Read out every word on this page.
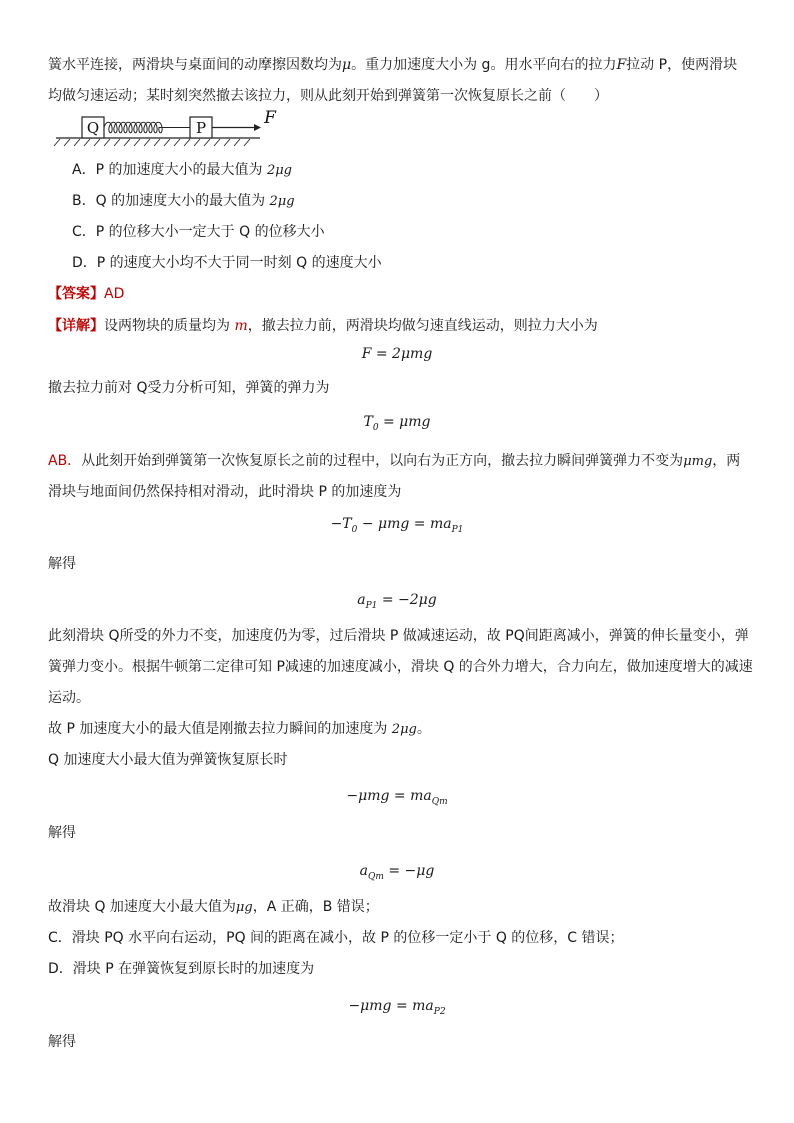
簧水平连接，两滑块与桌面间的动摩擦因数均为μ。重力加速度大小为 g。用水平向右的拉力F拉动 P，使两滑块
均做匀速运动；某时刻突然撤去该拉力，则从此刻开始到弹簧第一次恢复原长之前（　　）
Q	P	F
A．P 的加速度大小的最大值为 2μg
B．Q 的加速度大小的最大值为 2μg
C．P 的位移大小一定大于 Q 的位移大小
D．P 的速度大小均不大于同一时刻 Q 的速度大小
【答案】AD
【详解】设两物块的质量均为 m，撤去拉力前，两滑块均做匀速直线运动，则拉力大小为
F = 2μmg
撤去拉力前对 Q受力分析可知，弹簧的弹力为
$T_0 = \mu mg$
AB．从此刻开始到弹簧第一次恢复原长之前的过程中，以向右为正方向，撤去拉力瞬间弹簧弹力不变为μmg，两
滑块与地面间仍然保持相对滑动，此时滑块 P 的加速度为
$-T_0 - \mu mg = ma_{P1}$
解得
$a_{P1} = -2\mu g$
此刻滑块 Q所受的外力不变，加速度仍为零，过后滑块 P 做减速运动，故 PQ间距离减小，弹簧的伸长量变小，弹
簧弹力变小。根据牛顿第二定律可知 P减速的加速度减小，滑块 Q 的合外力增大，合力向左，做加速度增大的减速
运动。
故 P 加速度大小的最大值是刚撤去拉力瞬间的加速度为 2μg。
Q 加速度大小最大值为弹簧恢复原长时
$-\mu mg = ma_{Qm}$
解得
$a_{Qm} = -\mu g$
故滑块 Q 加速度大小最大值为μg，A 正确，B 错误；
C．滑块 PQ 水平向右运动，PQ 间的距离在减小，故 P 的位移一定小于 Q 的位移，C 错误；
D．滑块 P 在弹簧恢复到原长时的加速度为
$-\mu mg = ma_{P2}$
解得
